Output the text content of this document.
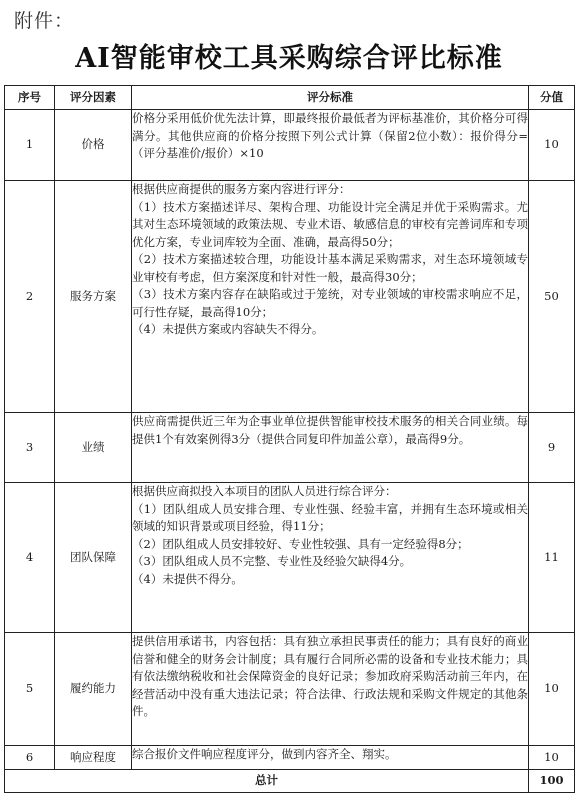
附件：
AI智能审校工具采购综合评比标准
序号	评分因素	评分标准	分值
1	价格	价格分采用低价优先法计算，即最终报价最低者为评标基准价，其价格分可得满分。其他供应商的价格分按照下列公式计算（保留2位小数）：报价得分=（评分基准价/报价）×10	10
2	服务方案	根据供应商提供的服务方案内容进行评分：
（1）技术方案描述详尽、架构合理、功能设计完全满足并优于采购需求。尤其对生态环境领域的政策法规、专业术语、敏感信息的审校有完善词库和专项优化方案，专业词库较为全面、准确，最高得50分；
（2）技术方案描述较合理，功能设计基本满足采购需求，对生态环境领域专业审校有考虑，但方案深度和针对性一般，最高得30分；
（3）技术方案内容存在缺陷或过于笼统，对专业领域的审校需求响应不足，可行性存疑，最高得10分；
（4）未提供方案或内容缺失不得分。	50
3	业绩	供应商需提供近三年为企事业单位提供智能审校技术服务的相关合同业绩。每提供1个有效案例得3分（提供合同复印件加盖公章），最高得9分。	9
4	团队保障	根据供应商拟投入本项目的团队人员进行综合评分：
（1）团队组成人员安排合理、专业性强、经验丰富，并拥有生态环境或相关领域的知识背景或项目经验，得11分；
（2）团队组成人员安排较好、专业性较强、具有一定经验得8分；
（3）团队组成人员不完整、专业性及经验欠缺得4分。
（4）未提供不得分。	11
5	履约能力	提供信用承诺书，内容包括：具有独立承担民事责任的能力；具有良好的商业信誉和健全的财务会计制度；具有履行合同所必需的设备和专业技术能力；具有依法缴纳税收和社会保障资金的良好记录；参加政府采购活动前三年内，在经营活动中没有重大违法记录；符合法律、行政法规和采购文件规定的其他条件。	10
6	响应程度	综合报价文件响应程度评分，做到内容齐全、翔实。	10
总计			100
